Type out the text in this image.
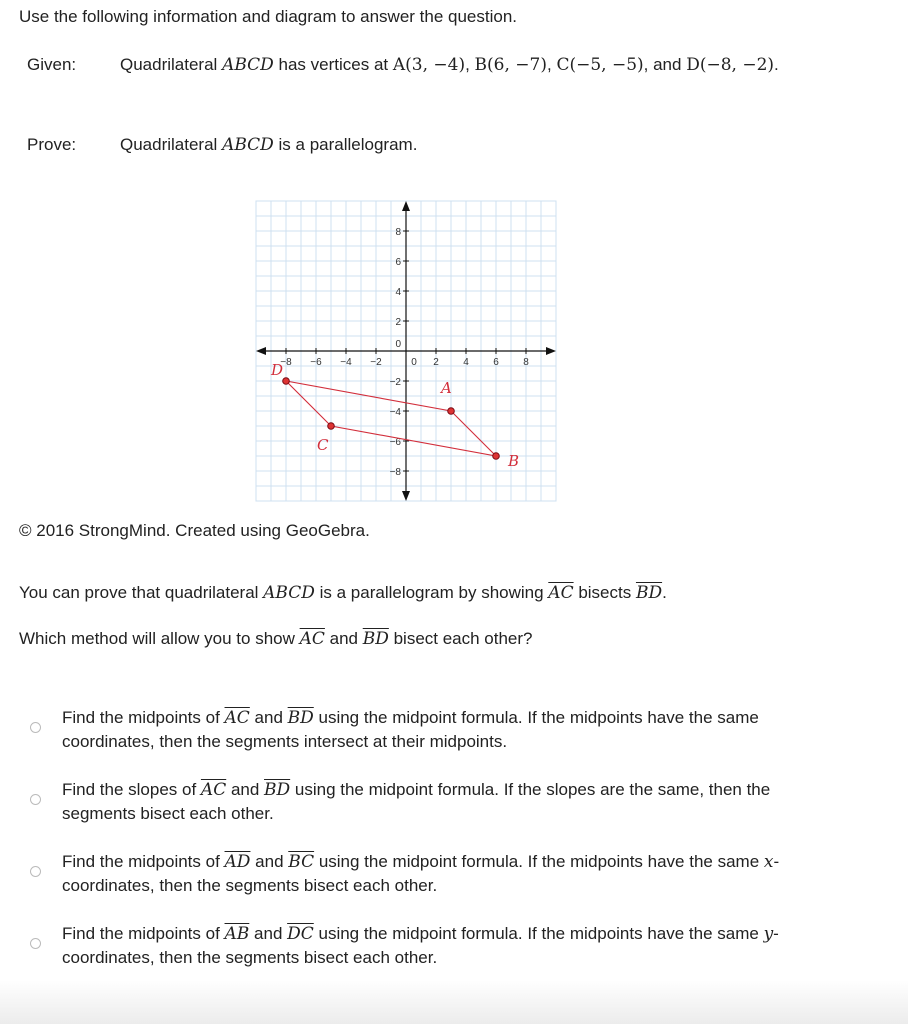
Use the following information and diagram to answer the question.
Given:	Quadrilateral ABCD has vertices at A(3, −4), B(6, −7), C(−5, −5), and D(−8, −2).
Prove:	Quadrilateral ABCD is a parallelogram.
−8 −6 −4 −2	0 2 4 6 8
8
6
4
2
0
−2
−4
−6
−8
A
B
C
D
© 2016 StrongMind. Created using GeoGebra.
You can prove that quadrilateral ABCD is a parallelogram by showing $\overline{AC}$ bisects $\overline{BD}$.
Which method will allow you to show $\overline{AC}$ and $\overline{BD}$ bisect each other?
Find the midpoints of $\overline{AC}$ and $\overline{BD}$ using the midpoint formula. If the midpoints have the same coordinates, then the segments intersect at their midpoints.
Find the slopes of $\overline{AC}$ and $\overline{BD}$ using the midpoint formula. If the slopes are the same, then the segments bisect each other.
Find the midpoints of $\overline{AD}$ and $\overline{BC}$ using the midpoint formula. If the midpoints have the same x-coordinates, then the segments bisect each other.
Find the midpoints of $\overline{AB}$ and $\overline{DC}$ using the midpoint formula. If the midpoints have the same y-coordinates, then the segments bisect each other.
